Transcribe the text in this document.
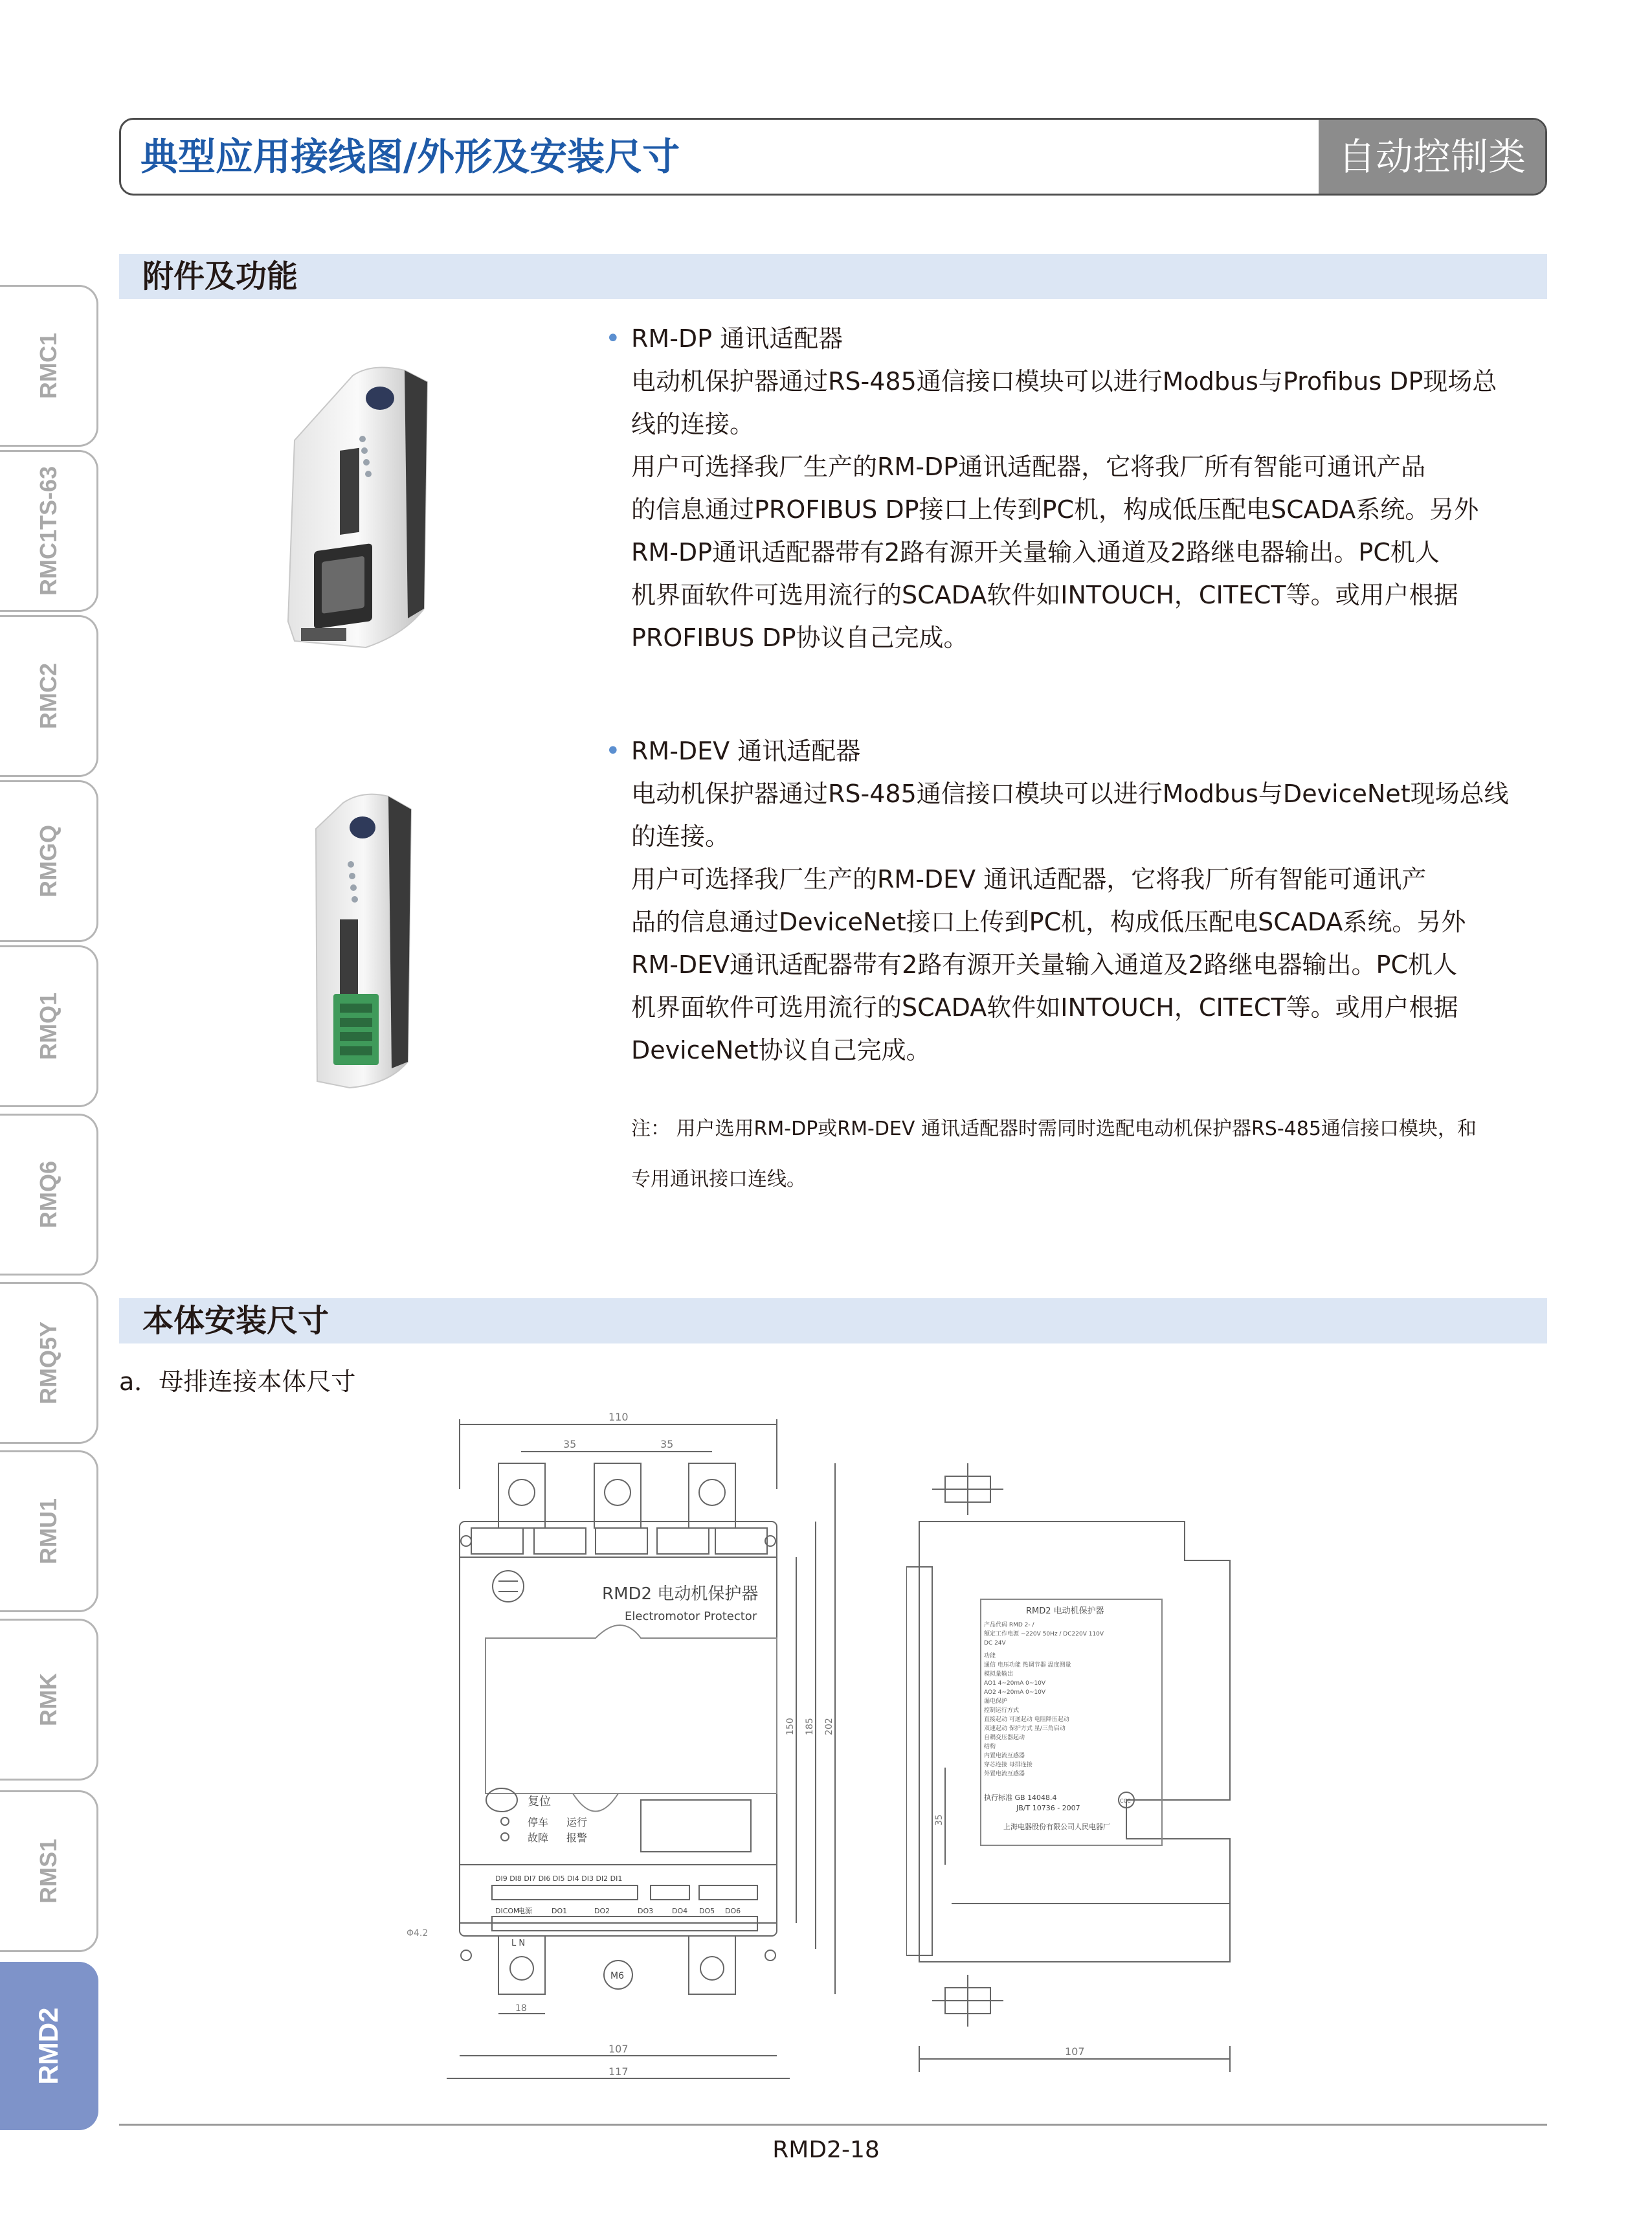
典型应用接线图/外形及安装尺寸	自动控制类
RMC1
RMC1TS-63
RMC2
RMGQ
RMQ1
RMQ6
RMQ5Y
RMU1
RMK
RMS1
RMD2
附件及功能

• RM-DP 通讯适配器

电动机保护器通过RS-485通信接口模块可以进行Modbus与Profibus DP现场总

线的连接。

用户可选择我厂生产的RM-DP通讯适配器，它将我厂所有智能可通讯产品

的信息通过PROFIBUS DP接口上传到PC机，构成低压配电SCADA系统。另外

RM-DP通讯适配器带有2路有源开关量输入通道及2路继电器输出。PC机人

机界面软件可选用流行的SCADA软件如INTOUCH，CITECT等。或用户根据

PROFIBUS DP协议自己完成。

• RM-DEV 通讯适配器

电动机保护器通过RS-485通信接口模块可以进行Modbus与DeviceNet现场总线

的连接。

用户可选择我厂生产的RM-DEV 通讯适配器，它将我厂所有智能可通讯产

品的信息通过DeviceNet接口上传到PC机，构成低压配电SCADA系统。另外

RM-DEV通讯适配器带有2路有源开关量输入通道及2路继电器输出。PC机人

机界面软件可选用流行的SCADA软件如INTOUCH，CITECT等。或用户根据

DeviceNet协议自己完成。

注： 用户选用RM-DP或RM-DEV 通讯适配器时需同时选配电动机保护器RS-485通信接口模块，和
专用通讯接口连线。
本体安装尺寸
a．母排连接本体尺寸
110
35	35
RMD2 电动机保护器
Electromotor Protector
复位
停车 运行
故障 报警
DI9 DI8 DI7 DI6 DI5 DI4 DI3 DI2 DI1
DICOM
电源	DO1	DO2	DO3	DO4 DO5 DO6
L N
Φ4.2
M6
18
107
117
150 185 202
RMD2 电动机保护器
产品代码 RMD 2- /
额定工作电源 ~220V 50Hz / DC220V 110V
DC 24V
功能
通信 电压功能 热调节器 温度测量
模拟量输出
AO1 4~20mA 0~10V
AO2 4~20mA 0~10V
漏电保护
控制运行方式
直接起动 可逆起动 电阻降压起动
双速起动 保护方式 星/三角启动
自耦变压器起动
结构
内置电流互感器
穿芯连接 母排连接
外置电流互感器
执行标准 GB 14048.4
JB/T 10736 - 2007
CCC
上海电器股份有限公司人民电器厂
35
107
RMD2-18
